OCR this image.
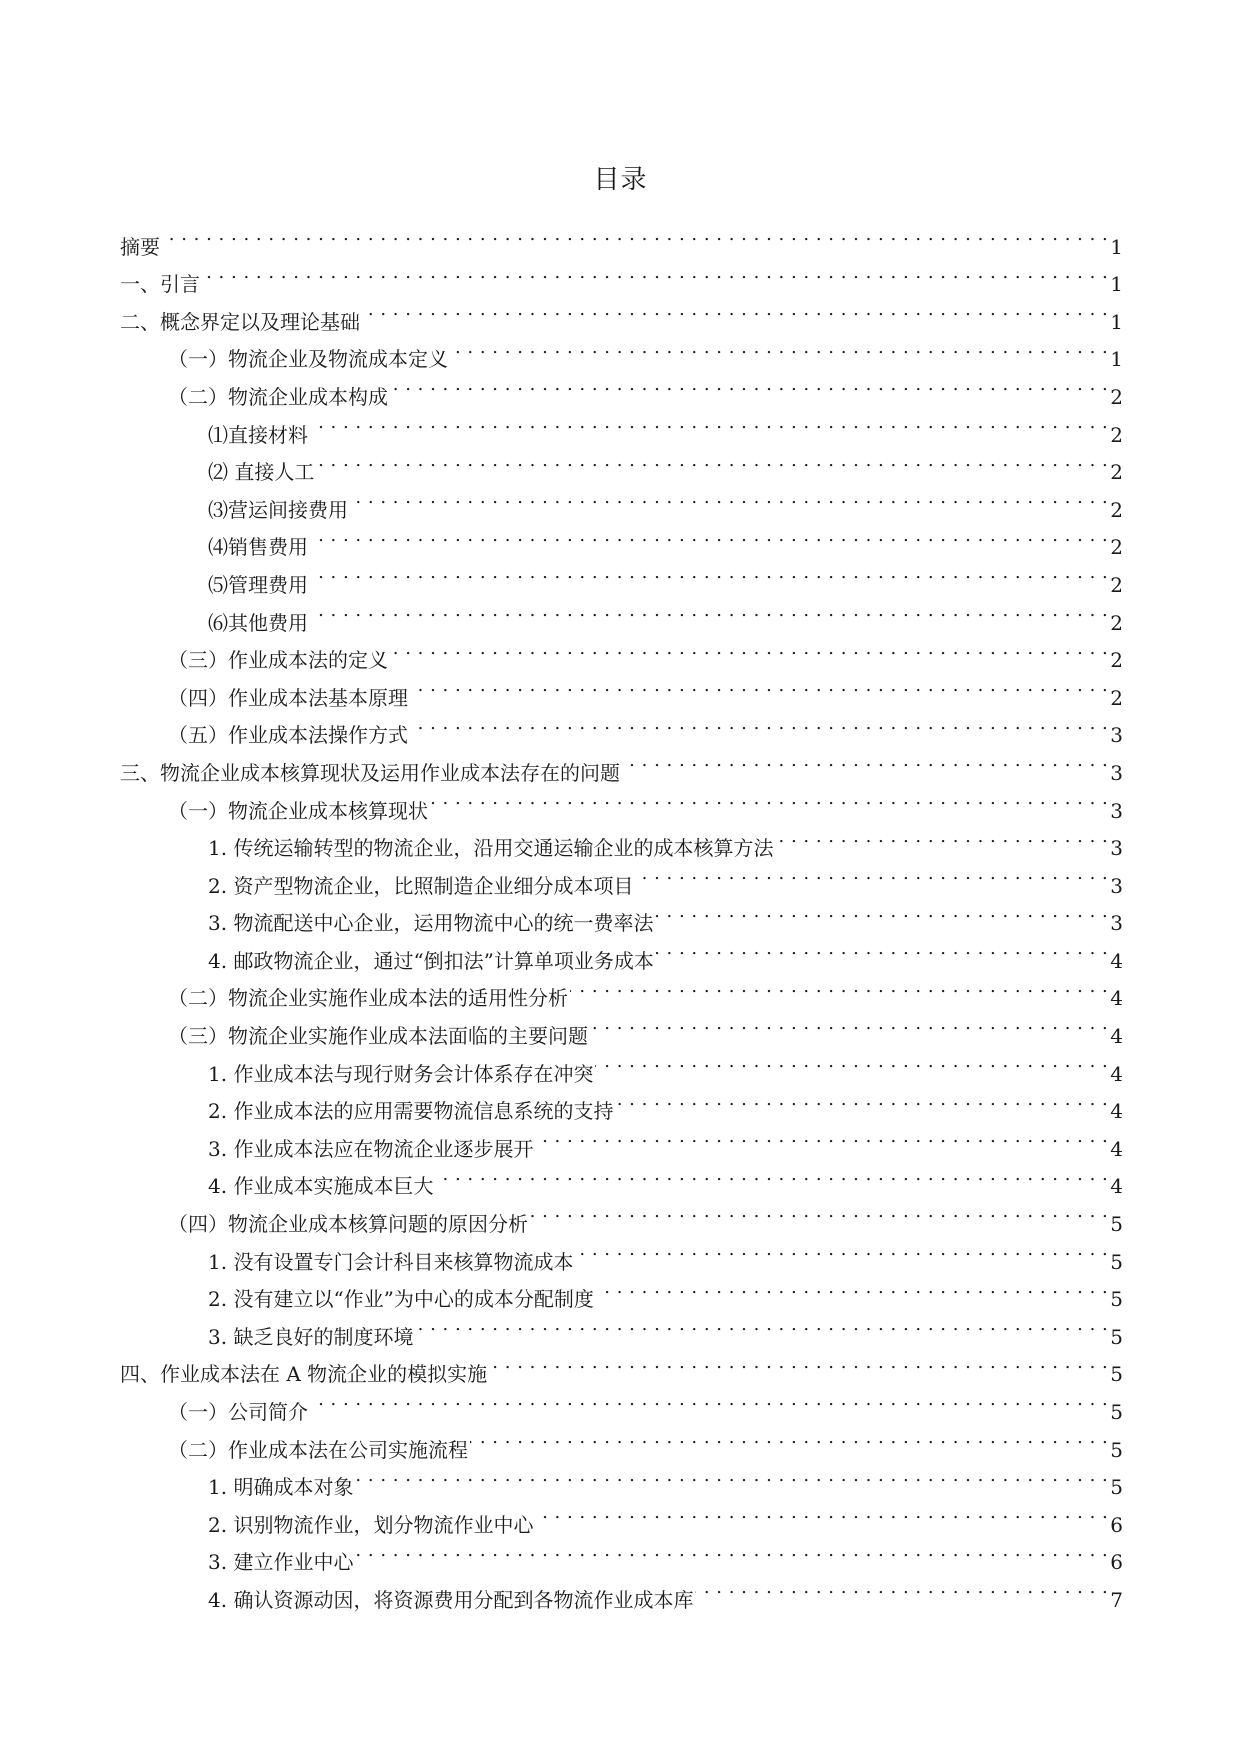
目录
摘要 . . .	1
一、引言 . . .	1
二、概念界定以及理论基础 . . .	1
（一）物流企业及物流成本定义 . . .	1
（二）物流企业成本构成 . . .	2
⑴直接材料 . . .	2
⑵ 直接人工 . . .	2
⑶营运间接费用 . . .	2
⑷销售费用 . . .	2
⑸管理费用 . . .	2
⑹其他费用 . . .	2
（三）作业成本法的定义 . . .	2
（四）作业成本法基本原理 . . .	2
（五）作业成本法操作方式 . . .	3
三、物流企业成本核算现状及运用作业成本法存在的问题 . . .	3
（一）物流企业成本核算现状 . . .	3
1. 传统运输转型的物流企业，沿用交通运输企业的成本核算方法 . . .	3
2. 资产型物流企业，比照制造企业细分成本项目 . . .	3
3. 物流配送中心企业，运用物流中心的统一费率法 . . .	3
4. 邮政物流企业，通过“倒扣法”计算单项业务成本 . . .	4
（二）物流企业实施作业成本法的适用性分析 . . .	4
（三）物流企业实施作业成本法面临的主要问题 . . .	4
1. 作业成本法与现行财务会计体系存在冲突 . . .	4
2. 作业成本法的应用需要物流信息系统的支持 . . .	4
3. 作业成本法应在物流企业逐步展开 . . .	4
4. 作业成本实施成本巨大 . . .	4
（四）物流企业成本核算问题的原因分析 . . .	5
1. 没有设置专门会计科目来核算物流成本 . . .	5
2. 没有建立以“作业”为中心的成本分配制度 . . .	5
3. 缺乏良好的制度环境 . . .	5
四、作业成本法在 A 物流企业的模拟实施 . . .	5
（一）公司简介 . . .	5
（二）作业成本法在公司实施流程 . . .	5
1. 明确成本对象 . . .	5
2. 识别物流作业，划分物流作业中心 . . .	6
3. 建立作业中心 . . .	6
4. 确认资源动因，将资源费用分配到各物流作业成本库 . . .	7
